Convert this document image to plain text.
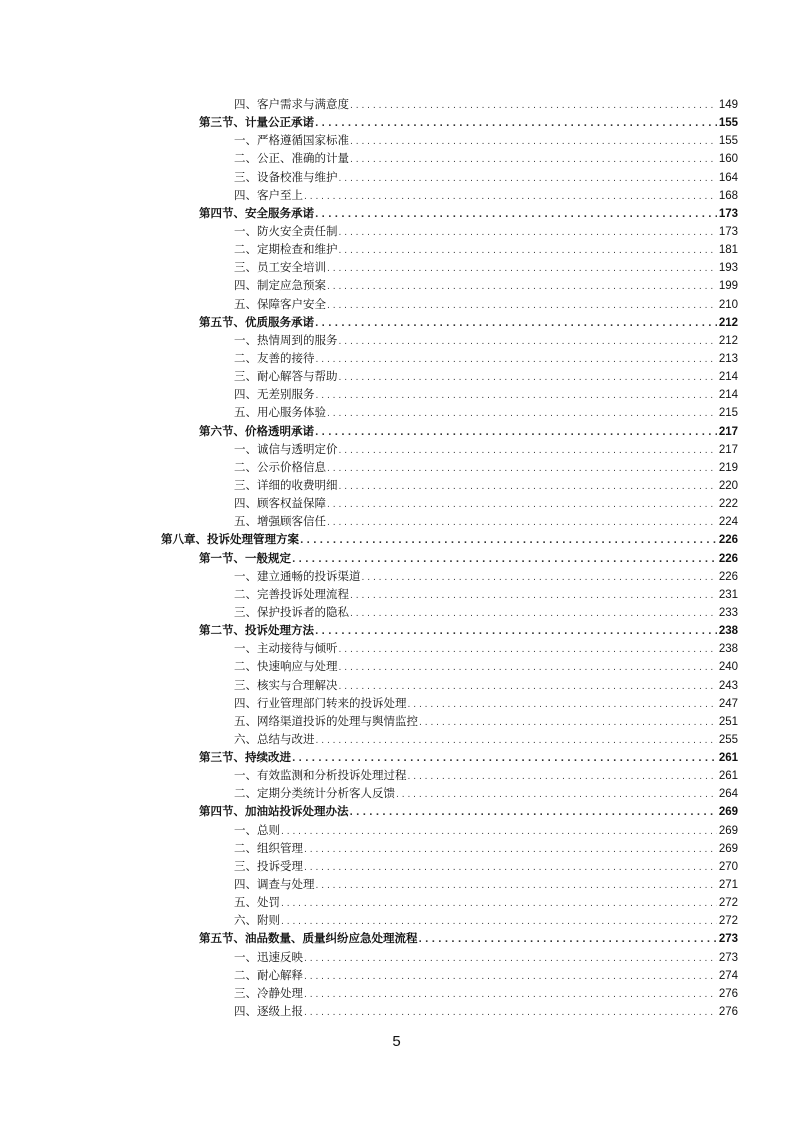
四、客户需求与满意度 . . .	149
第三节、计量公正承诺 . . .	155
一、严格遵循国家标准 . . .	155
二、公正、准确的计量 . . .	160
三、设备校准与维护 . . .	164
四、客户至上 . . .	168
第四节、安全服务承诺 . . .	173
一、防火安全责任制 . . .	173
二、定期检查和维护 . . .	181
三、员工安全培训 . . .	193
四、制定应急预案 . . .	199
五、保障客户安全 . . .	210
第五节、优质服务承诺 . . .	212
一、热情周到的服务 . . .	212
二、友善的接待 . . .	213
三、耐心解答与帮助 . . .	214
四、无差别服务 . . .	214
五、用心服务体验 . . .	215
第六节、价格透明承诺 . . .	217
一、诚信与透明定价 . . .	217
二、公示价格信息 . . .	219
三、详细的收费明细 . . .	220
四、顾客权益保障 . . .	222
五、增强顾客信任 . . .	224
第八章、投诉处理管理方案 . . .	226
第一节、一般规定 . . .	226
一、建立通畅的投诉渠道 . . .	226
二、完善投诉处理流程 . . .	231
三、保护投诉者的隐私 . . .	233
第二节、投诉处理方法 . . .	238
一、主动接待与倾听 . . .	238
二、快速响应与处理 . . .	240
三、核实与合理解决 . . .	243
四、行业管理部门转来的投诉处理 . . .	247
五、网络渠道投诉的处理与舆情监控 . . .	251
六、总结与改进 . . .	255
第三节、持续改进 . . .	261
一、有效监测和分析投诉处理过程 . . .	261
二、定期分类统计分析客人反馈 . . .	264
第四节、加油站投诉处理办法 . . .	269
一、总则 . . .	269
二、组织管理 . . .	269
三、投诉受理 . . .	270
四、调查与处理 . . .	271
五、处罚 . . .	272
六、附则 . . .	272
第五节、油品数量、质量纠纷应急处理流程 . . .	273
一、迅速反映 . . .	273
二、耐心解释 . . .	274
三、冷静处理 . . .	276
四、逐级上报 . . .	276
5
